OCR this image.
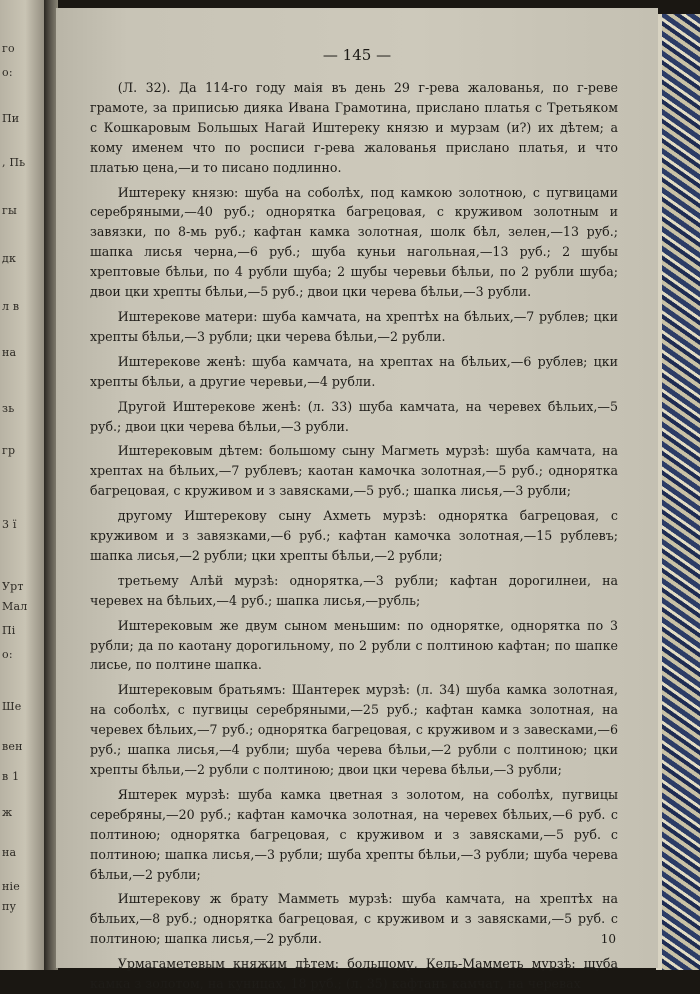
го
о:
Пи
, Пь
гы
дк
л в
на
зь
гр
3 ї
Урт
Мал
Пі
о:
Ше
вен
в 1
ж
на
ніе
пу
— 145 —

(Л. 32). Да 114-го году маія въ день 29 г-рева жалованья, по г-реве грамоте, за приписью дияка Ивана Грамотина, прислано платья с Третьяком с Кошкаровым Большых Нагай Иштереку князю и мурзам (и?) их дѣтем; а кому именем что по росписи г-рева жалованья прислано платья, и что платью цена,—и то писано подлинно.

Иштереку князю: шуба на соболѣх, под камкою золотною, с пугвицами серебряными,—40 руб.; однорятка багрецовая, с круживом золотным и завязки, по 8-мь руб.; кафтан камка золотная, шолк бѣл, зелен,—13 руб.; шапка лисья черна,—6 руб.; шуба куньи нагольная,—13 руб.; 2 шубы хрептовые бѣльи, по 4 рубли шуба; 2 шубы черевьи бѣльи, по 2 рубли шуба; двои цки хрепты бѣльи,—5 руб.; двои цки черева бѣльи,—3 рубли.

Иштерекове матери: шуба камчата, на хрептѣх на бѣльих,—7 рублев; цки хрепты бѣльи,—3 рубли; цки черева бѣльи,—2 рубли.

Иштерекове женѣ: шуба камчата, на хрептах на бѣльих,—6 рублев; цки хрепты бѣльи, а другие черевьи,—4 рубли.

Другой Иштерекове женѣ: (л. 33) шуба камчата, на черевех бѣльих,—5 руб.; двои цки черева бѣльи,—3 рубли.

Иштерековым дѣтем: большому сыну Магметь мурзѣ: шуба камчата, на хрептах на бѣльих,—7 рублевъ; каотан камочка золотная,—5 руб.; однорятка багрецовая, с круживом и з завясками,—5 руб.; шапка лисья,—3 рубли;

другому Иштерекову сыну Ахметь мурзѣ: однорятка багрецовая, с круживом и з завязками,—6 руб.; кафтан камочка золотная,—15 рублевъ; шапка лисья,—2 рубли; цки хрепты бѣльи,—2 рубли;

третьему Алѣй мурзѣ: однорятка,—3 рубли; кафтан дорогилнеи, на черевех на бѣльих,—4 руб.; шапка лисья,—рубль;

Иштерековым же двум сыном меньшим: по однорятке, однорятка по 3 рубли; да по каотану дорогильному, по 2 рубли с полтиною кафтан; по шапке лисье, по полтине шапка.

Иштерековым братьямъ: Шантерек мурзѣ: (л. 34) шуба камка золотная, на соболѣх, с пугвицы серебряными,—25 руб.; кафтан камка золотная, на черевех бѣльих,—7 руб.; однорятка багрецовая, с круживом и з завесками,—6 руб.; шапка лисья,—4 рубли; шуба черева бѣльи,—2 рубли с полтиною; цки хрепты бѣльи,—2 рубли с полтиною; двои цки черева бѣльи,—3 рубли;

Яштерек мурзѣ: шуба камка цветная з золотом, на соболѣх, пугвицы серебряны,—20 руб.; кафтан камочка золотная, на черевех бѣльих,—6 руб. с полтиною; однорятка багрецовая, с круживом и з завясками,—5 руб. с полтиною; шапка лисья,—3 рубли; шуба хрепты бѣльи,—3 рубли; шуба черева бѣльи,—2 рубли;

Иштерекову ж брату Мамметь мурзѣ: шуба камчата, на хрептѣх на бѣльих,—8 руб.; однорятка багрецовая, с круживом и з завясками,—5 руб. с полтиною; шапка лисья,—2 рубли.

Урмагаметевым княжим дѣтем: большому, Кель-Мамметь мурзѣ: шуба камка з золотом, на куницах, 18 руб.; (л. 35) кафтанъ камчат, на черевах

10
